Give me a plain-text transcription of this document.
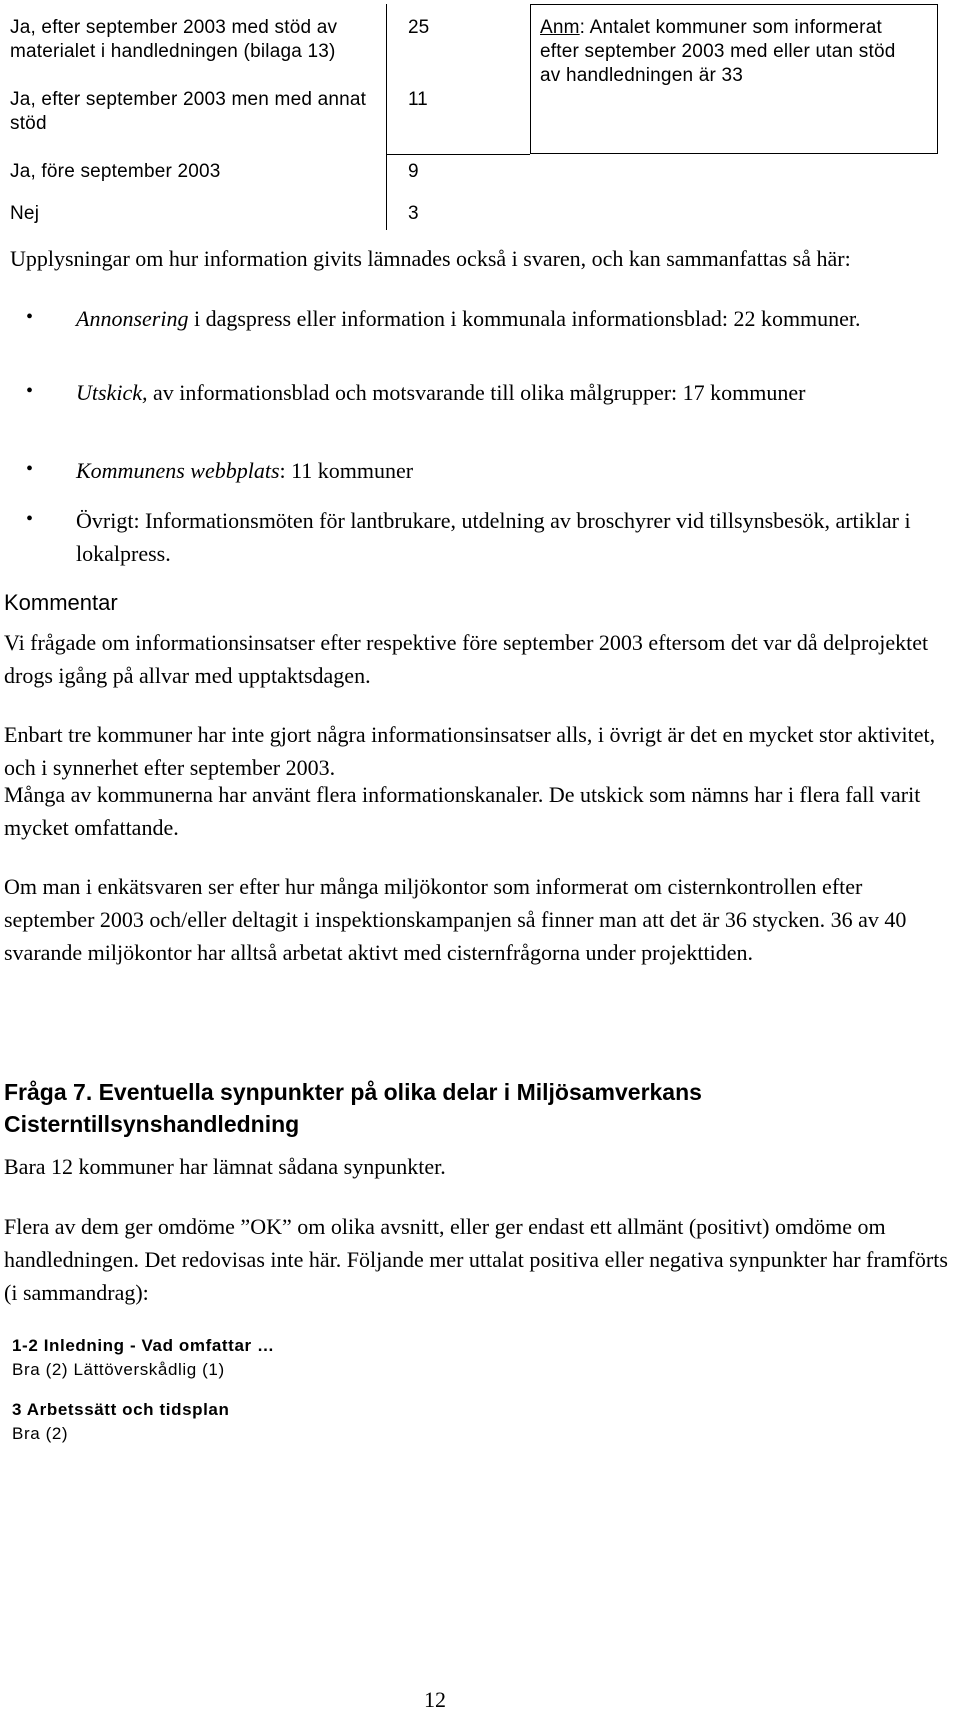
Ja, efter september 2003 med stöd av materialet i handledningen (bilaga 13)
25
Ja, efter september 2003 men med annat stöd
11
Ja, före september 2003	9
Nej	3
Anm: Antalet kommuner som informerat efter september 2003 med eller utan stöd av handledningen är 33
Upplysningar om hur information givits lämnades också i svaren, och kan sammanfattas så här:
• Annonsering i dagspress eller information i kommunala informationsblad: 22 kommuner.
• Utskick, av informationsblad och motsvarande till olika målgrupper: 17 kommuner
• Kommunens webbplats: 11 kommuner
• Övrigt: Informationsmöten för lantbrukare, utdelning av broschyrer vid tillsynsbesök, artiklar i lokalpress.
Kommentar
Vi frågade om informationsinsatser efter respektive före september 2003 eftersom det var då delprojektet drogs igång på allvar med upptaktsdagen.
Enbart tre kommuner har inte gjort några informationsinsatser alls, i övrigt är det en mycket stor aktivitet, och i synnerhet efter september 2003.
Många av kommunerna har använt flera informationskanaler. De utskick som nämns har i flera fall varit mycket omfattande.
Om man i enkätsvaren ser efter hur många miljökontor som informerat om cisternkontrollen efter september 2003 och/eller deltagit i inspektionskampanjen så finner man att det är 36 stycken. 36 av 40 svarande miljökontor har alltså arbetat aktivt med cisternfrågorna under projekttiden.
Fråga 7. Eventuella synpunkter på olika delar i Miljösamverkans Cisterntillsynshandledning
Bara 12 kommuner har lämnat sådana synpunkter.
Flera av dem ger omdöme ”OK” om olika avsnitt, eller ger endast ett allmänt (positivt) omdöme om handledningen. Det redovisas inte här. Följande mer uttalat positiva eller negativa synpunkter har framförts (i sammandrag):
1-2 Inledning - Vad omfattar …
Bra (2) Lättöverskådlig (1)
3 Arbetssätt och tidsplan
Bra (2)
12
